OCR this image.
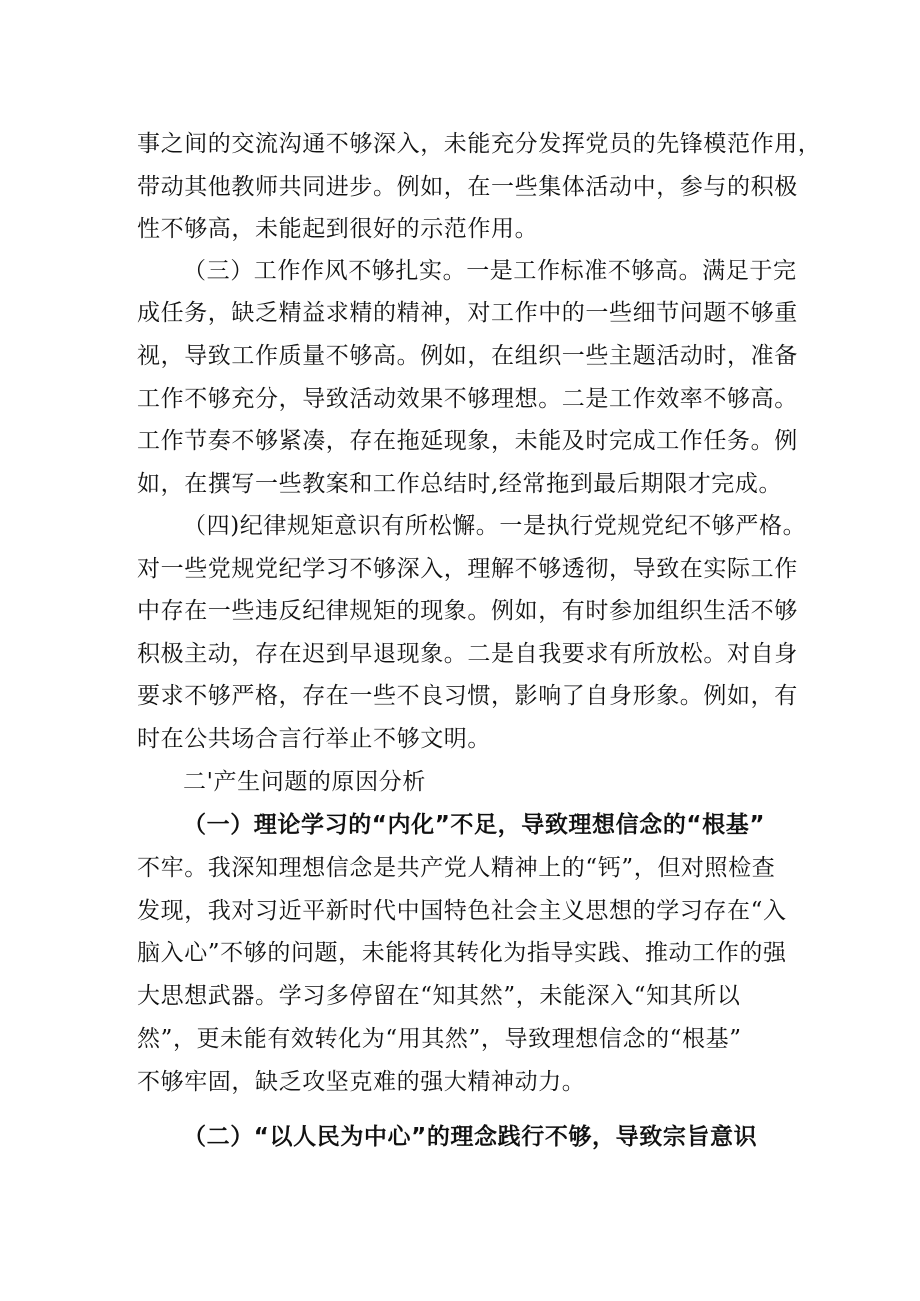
事之间的交流沟通不够深入，未能充分发挥党员的先锋模范作用，
带动其他教师共同进步。例如，在一些集体活动中，参与的积极
性不够高，未能起到很好的示范作用。
（三）工作作风不够扎实。一是工作标准不够高。满足于完
成任务，缺乏精益求精的精神，对工作中的一些细节问题不够重
视，导致工作质量不够高。例如，在组织一些主题活动时，准备
工作不够充分，导致活动效果不够理想。二是工作效率不够高。
工作节奏不够紧凑，存在拖延现象，未能及时完成工作任务。例
如，在撰写一些教案和工作总结时,经常拖到最后期限才完成。
（四)纪律规矩意识有所松懈。一是执行党规党纪不够严格。
对一些党规党纪学习不够深入，理解不够透彻，导致在实际工作
中存在一些违反纪律规矩的现象。例如，有时参加组织生活不够
积极主动，存在迟到早退现象。二是自我要求有所放松。对自身
要求不够严格，存在一些不良习惯，影响了自身形象。例如，有
时在公共场合言行举止不够文明。
二'产生问题的原因分析
（一）理论学习的“内化”不足，导致理想信念的“根基”
不牢。我深知理想信念是共产党人精神上的“钙”，但对照检查
发现，我对习近平新时代中国特色社会主义思想的学习存在“入
脑入心”不够的问题，未能将其转化为指导实践、推动工作的强
大思想武器。学习多停留在“知其然”，未能深入“知其所以
然”，更未能有效转化为“用其然”，导致理想信念的“根基”
不够牢固，缺乏攻坚克难的强大精神动力。
（二）“以人民为中心”的理念践行不够，导致宗旨意识
